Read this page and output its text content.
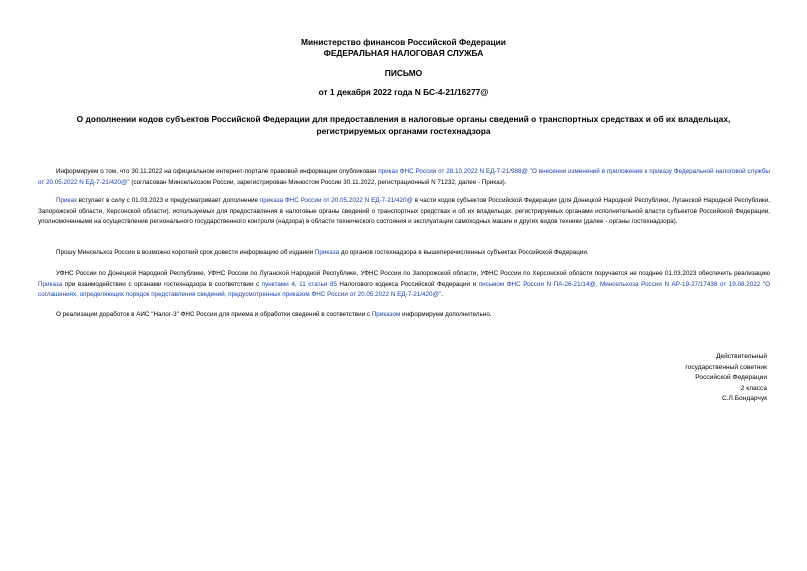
Министерство финансов Российской Федерации
ФЕДЕРАЛЬНАЯ НАЛОГОВАЯ СЛУЖБА
ПИСЬМО
от 1 декабря 2022 года N БС-4-21/16277@
О дополнении кодов субъектов Российской Федерации для предоставления в налоговые органы сведений о транспортных средствах и об их владельцах,
регистрируемых органами гостехнадзора
Информируем о том, что 30.11.2022 на официальном интернет-портале правовой информации опубликован приказ ФНС России от 28.10.2022 N ЕД-7-21/988@ "О внесении изменений в приложение к приказу Федеральной налоговой службы от 20.05.2022 N ЕД-7-21/420@" (согласован Минсельхозом России, зарегистрирован Минюстом России 30.11.2022, регистрационный N 71232, далее - Приказ).
Приказ вступает в силу с 01.03.2023 и предусматривает дополнение приказа ФНС России от 20.05.2022 N ЕД-7-21/420@ в части кодов субъектов Российской Федерации (для Донецкой Народной Республики, Луганской Народной Республики, Запорожской области, Херсонской области), используемых для предоставления в налоговые органы сведений о транспортных средствах и об их владельцах, регистрируемых органами исполнительной власти субъектов Российской Федерации, уполномоченными на осуществление регионального государственного контроля (надзора) в области технического состояния и эксплуатации самоходных машин и других видов техники (далее - органы гостехнадзора).
Прошу Минсельхоз России в возможно короткий срок довести информацию об издании Приказа до органов гостехнадзора в вышеперечисленных субъектах Российской Федерации.
УФНС России по Донецкой Народной Республике, УФНС России по Луганской Народной Республике, УФНС России по Запорожской области, УФНС России по Херсонской области поручается не позднее 01.03.2023 обеспечить реализацию Приказа при взаимодействии с органами гостехнадзора в соответствии с пунктами 4, 11 статьи 85 Налогового кодекса Российской Федерации и письмом ФНС России N ПА-26-21/14@, Минсельхоза России N АР-19-27/17438 от 19.08.2022 "О соглашениях, определяющих порядок представления сведений, предусмотренных приказом ФНС России от 20.05.2022 N ЕД-7-21/420@".
О реализации доработок в АИС "Налог-3" ФНС России для приема и обработки сведений в соответствии с Приказом информируем дополнительно.
Действительный
государственный советник
Российской Федерации
2 класса
С.Л.Бондарчук
